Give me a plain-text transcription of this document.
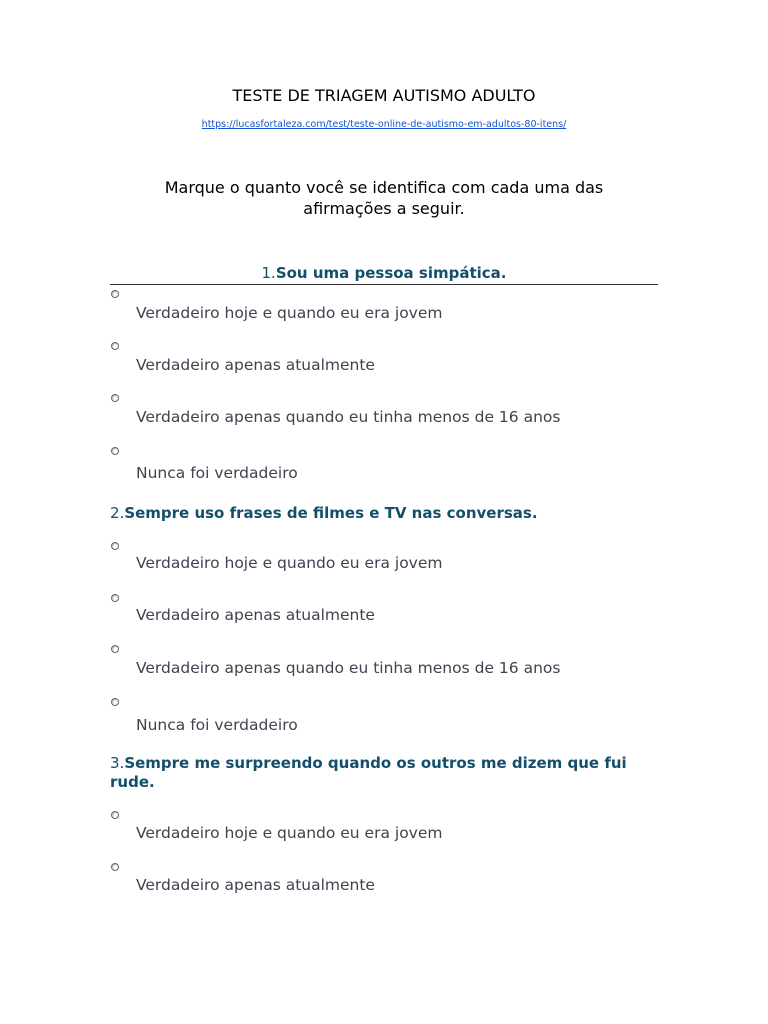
TESTE DE TRIAGEM AUTISMO ADULTO
https://lucasfortaleza.com/test/teste-online-de-autismo-em-adultos-80-itens/
Marque o quanto você se identifica com cada uma das afirmações a seguir.
1.Sou uma pessoa simpática.
Verdadeiro hoje e quando eu era jovem
Verdadeiro apenas atualmente
Verdadeiro apenas quando eu tinha menos de 16 anos
Nunca foi verdadeiro
2.Sempre uso frases de filmes e TV nas conversas.
Verdadeiro hoje e quando eu era jovem
Verdadeiro apenas atualmente
Verdadeiro apenas quando eu tinha menos de 16 anos
Nunca foi verdadeiro
3.Sempre me surpreendo quando os outros me dizem que fui rude.
Verdadeiro hoje e quando eu era jovem
Verdadeiro apenas atualmente
